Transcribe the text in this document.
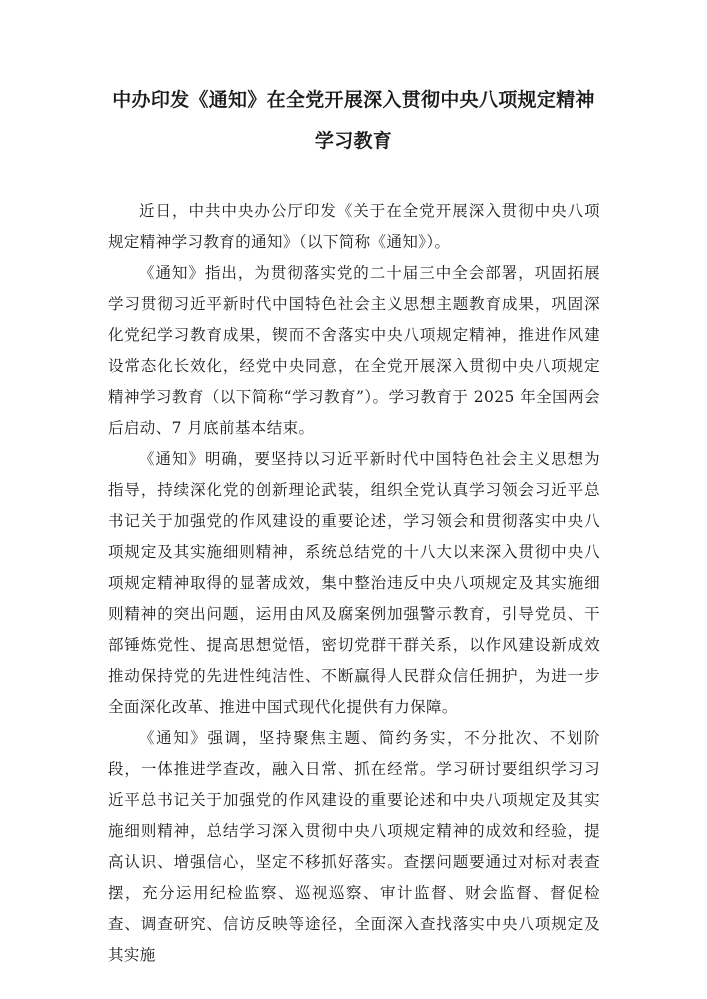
中办印发《通知》在全党开展深入贯彻中央八项规定精神
学习教育

近日，中共中央办公厅印发《关于在全党开展深入贯彻中央八项规定精神学习教育的通知》（以下简称《通知》）。

《通知》指出，为贯彻落实党的二十届三中全会部署，巩固拓展学习贯彻习近平新时代中国特色社会主义思想主题教育成果，巩固深化党纪学习教育成果，锲而不舍落实中央八项规定精神，推进作风建设常态化长效化，经党中央同意，在全党开展深入贯彻中央八项规定精神学习教育（以下简称“学习教育”）。学习教育于 2025 年全国两会后启动、7 月底前基本结束。

《通知》明确，要坚持以习近平新时代中国特色社会主义思想为指导，持续深化党的创新理论武装，组织全党认真学习领会习近平总书记关于加强党的作风建设的重要论述，学习领会和贯彻落实中央八项规定及其实施细则精神，系统总结党的十八大以来深入贯彻中央八项规定精神取得的显著成效，集中整治违反中央八项规定及其实施细则精神的突出问题，运用由风及腐案例加强警示教育，引导党员、干部锤炼党性、提高思想觉悟，密切党群干群关系，以作风建设新成效推动保持党的先进性纯洁性、不断赢得人民群众信任拥护，为进一步全面深化改革、推进中国式现代化提供有力保障。

《通知》强调，坚持聚焦主题、简约务实，不分批次、不划阶段，一体推进学查改，融入日常、抓在经常。学习研讨要组织学习习近平总书记关于加强党的作风建设的重要论述和中央八项规定及其实施细则精神，总结学习深入贯彻中央八项规定精神的成效和经验，提高认识、增强信心，坚定不移抓好落实。查摆问题要通过对标对表查摆，充分运用纪检监察、巡视巡察、审计监督、财会监督、督促检查、调查研究、信访反映等途径，全面深入查找落实中央八项规定及其实施
